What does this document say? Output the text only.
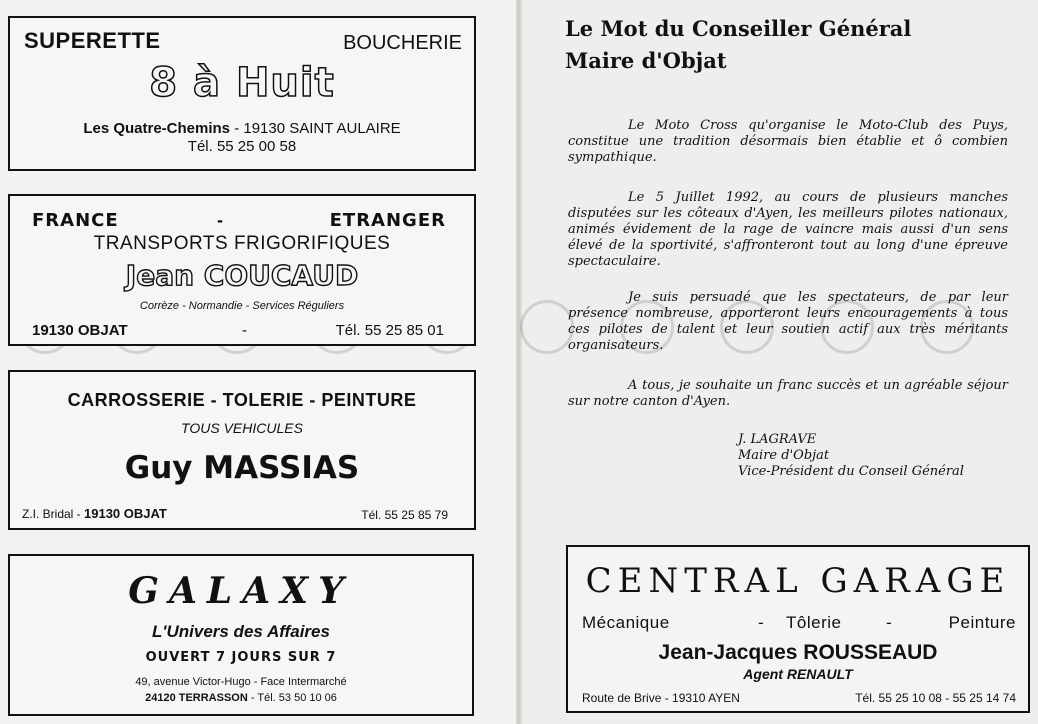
SUPERETTE	BOUCHERIE
8 à Huit
Les Quatre-Chemins - 19130 SAINT AULAIRE
Tél. 55 25 00 58
FRANCE	-	ETRANGER
TRANSPORTS FRIGORIFIQUES
Jean COUCAUD
Corrèze - Normandie - Services Réguliers
19130 OBJAT	-	Tél. 55 25 85 01
CARROSSERIE - TOLERIE - PEINTURE
TOUS VEHICULES
Guy MASSIAS
Z.I. Bridal - 19130 OBJAT	Tél. 55 25 85 79
GALAXY
L'Univers des Affaires
OUVERT 7 JOURS SUR 7
49, avenue Victor-Hugo - Face Intermarché
24120 TERRASSON - Tél. 53 50 10 06
Le Mot du Conseiller Général
Maire d'Objat

Le Moto Cross qu'organise le Moto-Club des Puys, constitue une tradition désormais bien établie et ô combien sympathique.

Le 5 Juillet 1992, au cours de plusieurs manches disputées sur les côteaux d'Ayen, les meilleurs pilotes nationaux, animés évidement de la rage de vaincre mais aussi d'un sens élevé de la sportivité, s'affronteront tout au long d'une épreuve spectaculaire.

Je suis persuadé que les spectateurs, de par leur présence nombreuse, apporteront leurs encouragements à tous ces pilotes de talent et leur soutien actif aux très méritants organisateurs.

A tous, je souhaite un franc succès et un agréable séjour sur notre canton d'Ayen.

J. LAGRAVE
Maire d'Objat
Vice-Président du Conseil Général
CENTRAL GARAGE
Mécanique	- Tôlerie	-	Peinture
Jean-Jacques ROUSSEAUD
Agent RENAULT
Route de Brive - 19310 AYEN	Tél. 55 25 10 08 - 55 25 14 74
